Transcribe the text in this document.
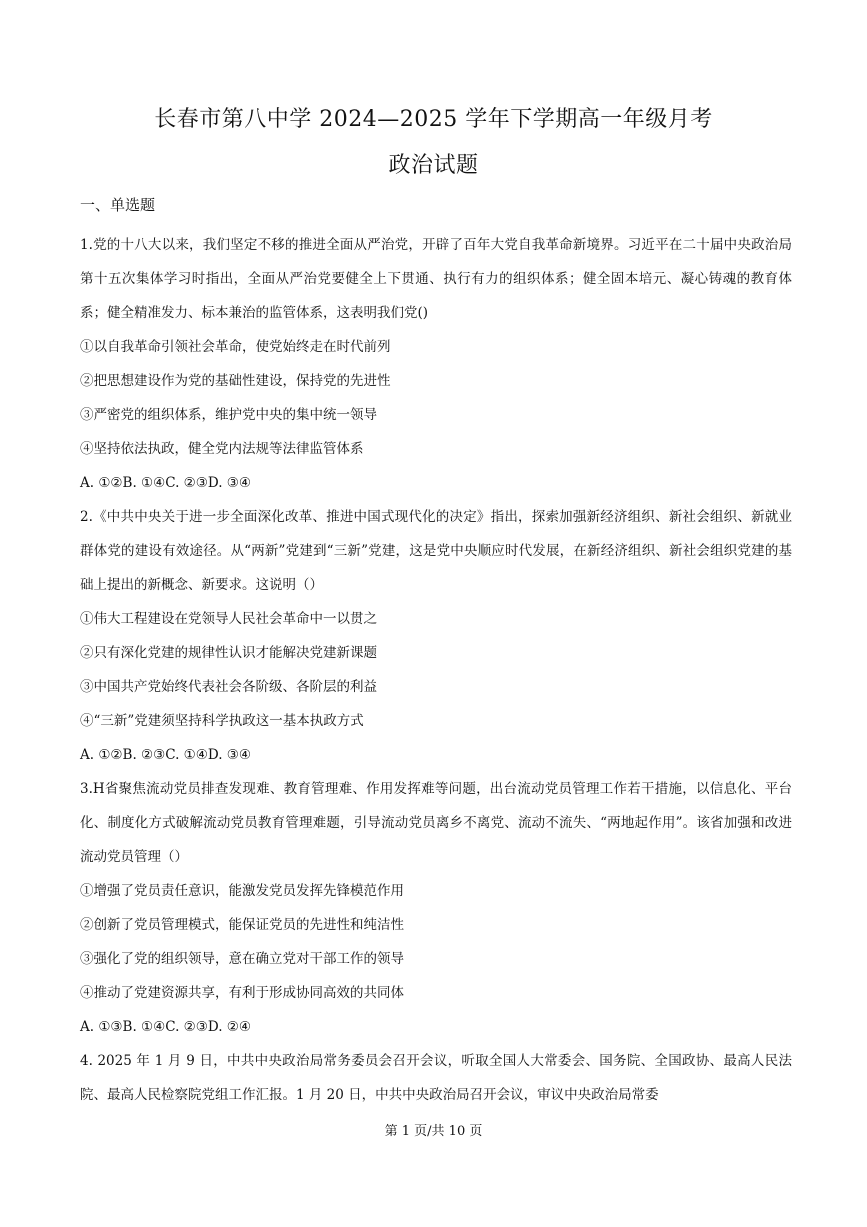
长春市第八中学 2024—2025 学年下学期高一年级月考
政治试题
一、单选题

1.党的十八大以来，我们坚定不移的推进全面从严治党，开辟了百年大党自我革命新境界。习近平在二十届中央政治局第十五次集体学习时指出，全面从严治党要健全上下贯通、执行有力的组织体系；健全固本培元、凝心铸魂的教育体系；健全精准发力、标本兼治的监管体系，这表明我们党()

①以自我革命引领社会革命，使党始终走在时代前列

②把思想建设作为党的基础性建设，保持党的先进性

③严密党的组织体系，维护党中央的集中统一领导

④坚持依法执政，健全党内法规等法律监管体系

A. ①②B. ①④C. ②③D. ③④

2.《中共中央关于进一步全面深化改革、推进中国式现代化的决定》指出，探索加强新经济组织、新社会组织、新就业群体党的建设有效途径。从“两新”党建到“三新”党建，这是党中央顺应时代发展，在新经济组织、新社会组织党建的基础上提出的新概念、新要求。这说明（）

①伟大工程建设在党领导人民社会革命中一以贯之

②只有深化党建的规律性认识才能解决党建新课题

③中国共产党始终代表社会各阶级、各阶层的利益

④“三新”党建须坚持科学执政这一基本执政方式

A. ①②B. ②③C. ①④D. ③④

3.H省聚焦流动党员排查发现难、教育管理难、作用发挥难等问题，出台流动党员管理工作若干措施，以信息化、平台化、制度化方式破解流动党员教育管理难题，引导流动党员离乡不离党、流动不流失、“两地起作用”。该省加强和改进流动党员管理（）

①增强了党员责任意识，能激发党员发挥先锋模范作用

②创新了党员管理模式，能保证党员的先进性和纯洁性

③强化了党的组织领导，意在确立党对干部工作的领导

④推动了党建资源共享，有利于形成协同高效的共同体

A. ①③B. ①④C. ②③D. ②④

4. 2025 年 1 月 9 日，中共中央政治局常务委员会召开会议，听取全国人大常委会、国务院、全国政协、最高人民法院、最高人民检察院党组工作汇报。1 月 20 日，中共中央政治局召开会议，审议中央政治局常委

第 1 页/共 10 页
